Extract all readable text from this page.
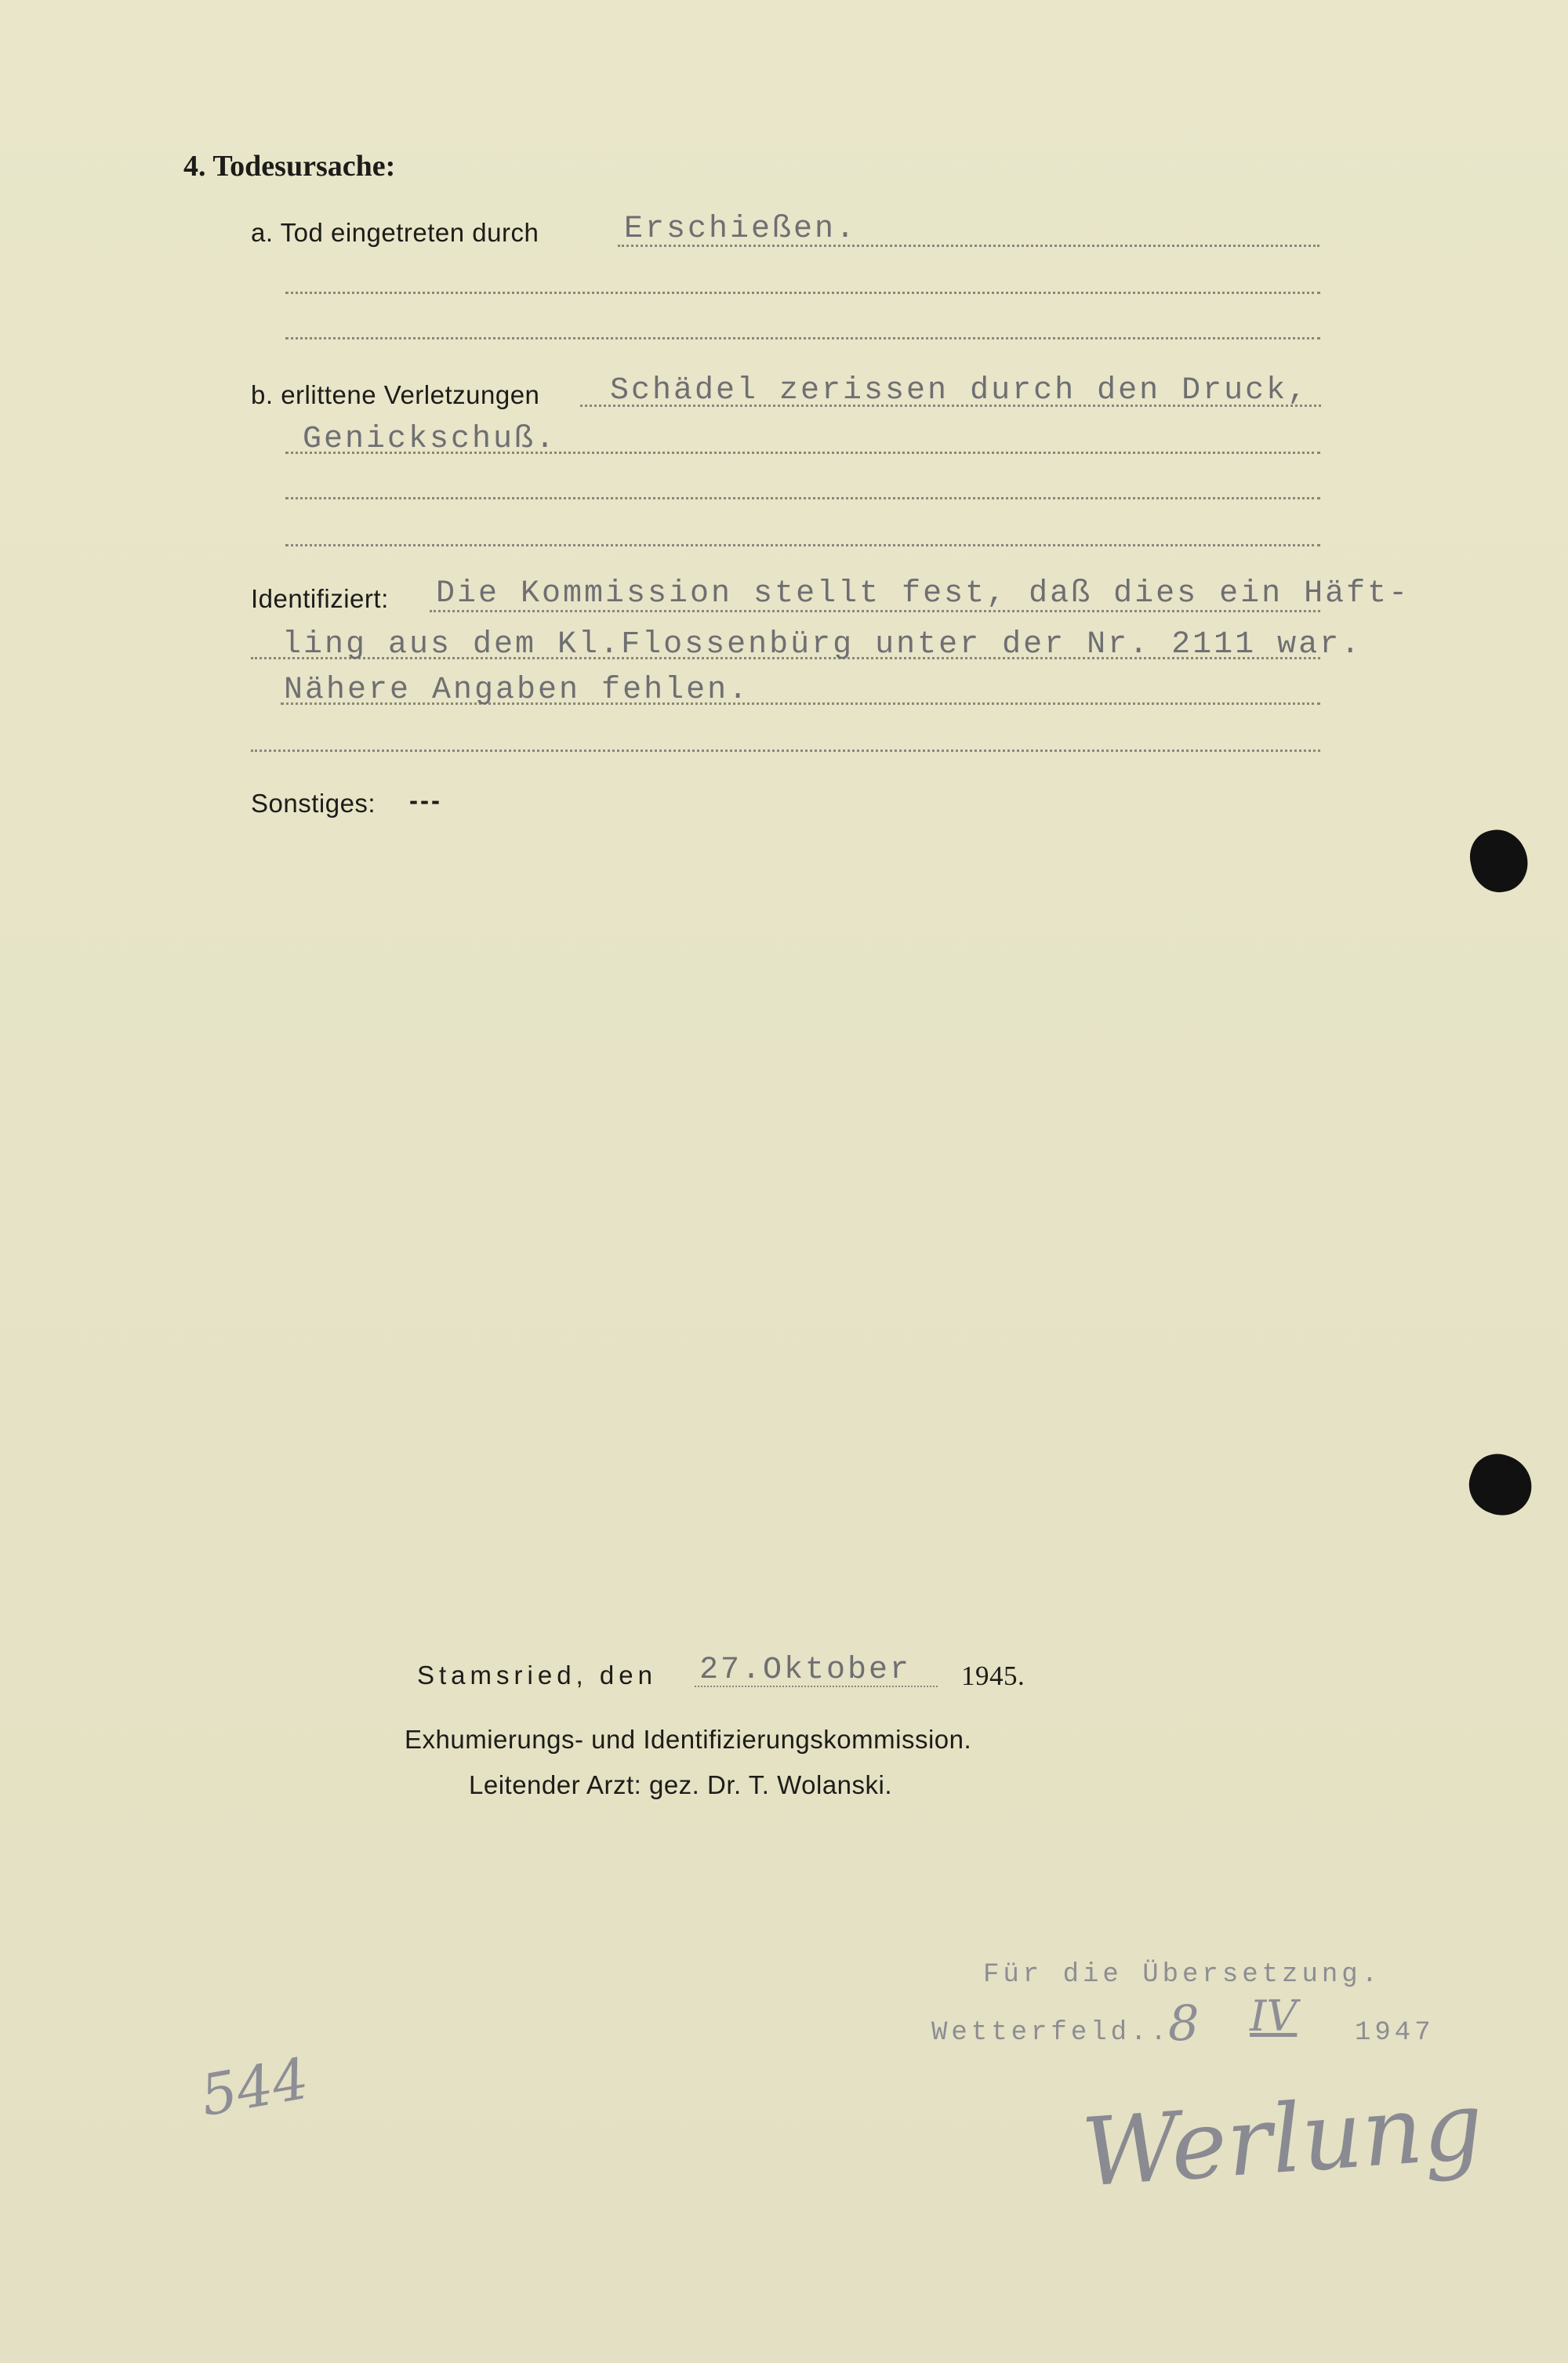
4. Todesursache:
a. Tod eingetreten durch	Erschießen.
b. erlittene Verletzungen Schädel zerissen durch den Druck,
Genickschuß.
Identifiziert: Die Kommission stellt fest, daß dies ein Häft-
ling aus dem Kl.Flossenbürg unter der Nr. 2111 war.
Nähere Angaben fehlen.
Sonstiges: ---
Stamsried, den 27.Oktober 1945.
Exhumierungs- und Identifizierungskommission.
Leitender Arzt: gez. Dr. T. Wolanski.
Für die Übersetzung.
Wetterfeld..
8 IV 1947
544	Werlung
